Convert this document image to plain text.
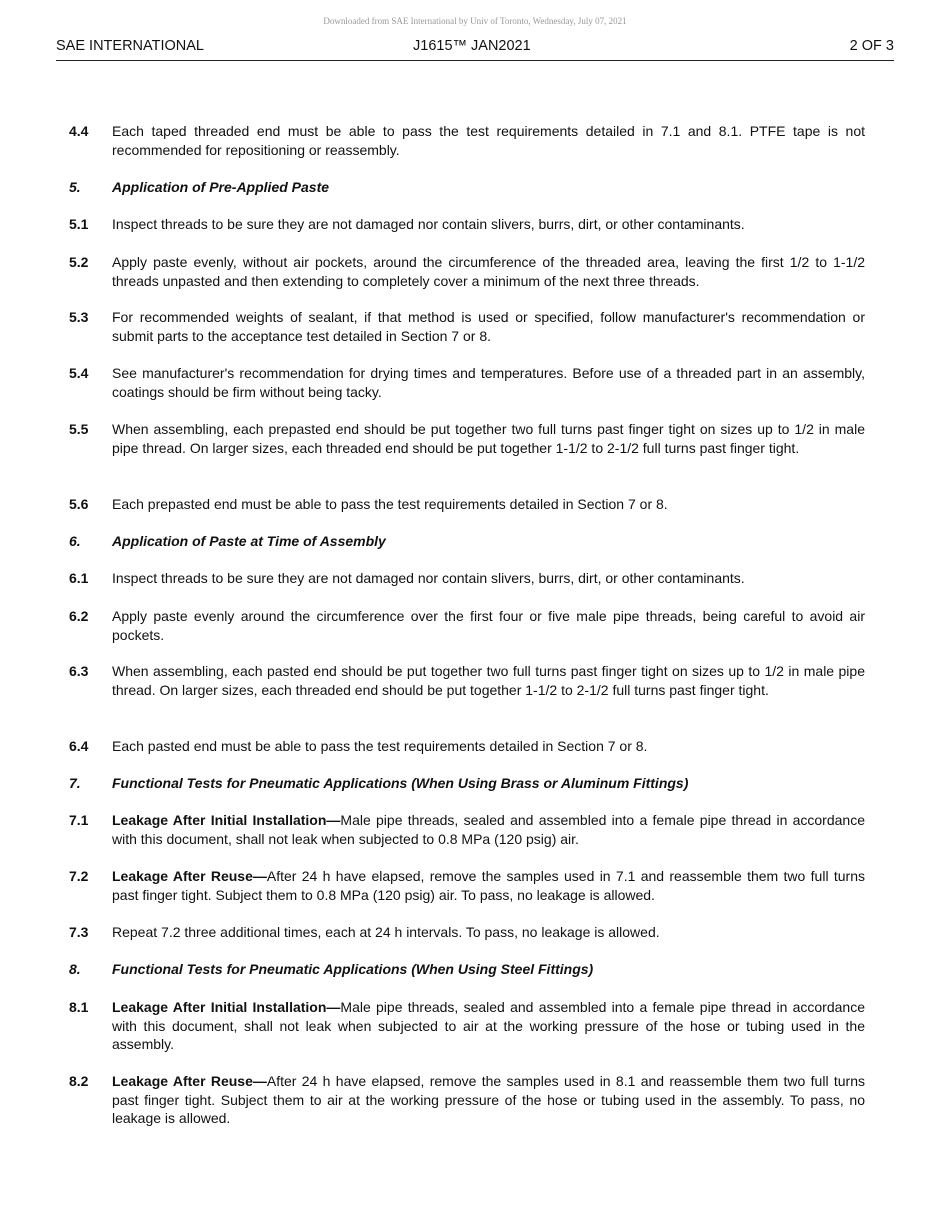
Downloaded from SAE International by Univ of Toronto, Wednesday, July 07, 2021
SAE INTERNATIONAL	J1615™ JAN2021	2 OF 3
4.4 Each taped threaded end must be able to pass the test requirements detailed in 7.1 and 8.1. PTFE tape is not recommended for repositioning or reassembly.
5. Application of Pre-Applied Paste
5.1 Inspect threads to be sure they are not damaged nor contain slivers, burrs, dirt, or other contaminants.
5.2 Apply paste evenly, without air pockets, around the circumference of the threaded area, leaving the first 1/2 to 1-1/2 threads unpasted and then extending to completely cover a minimum of the next three threads.
5.3 For recommended weights of sealant, if that method is used or specified, follow manufacturer's recommendation or submit parts to the acceptance test detailed in Section 7 or 8.
5.4 See manufacturer's recommendation for drying times and temperatures. Before use of a threaded part in an assembly, coatings should be firm without being tacky.
5.5 When assembling, each prepasted end should be put together two full turns past finger tight on sizes up to 1/2 in male pipe thread. On larger sizes, each threaded end should be put together 1-1/2 to 2-1/2 full turns past finger tight.
5.6 Each prepasted end must be able to pass the test requirements detailed in Section 7 or 8.
6. Application of Paste at Time of Assembly
6.1 Inspect threads to be sure they are not damaged nor contain slivers, burrs, dirt, or other contaminants.
6.2 Apply paste evenly around the circumference over the first four or five male pipe threads, being careful to avoid air pockets.
6.3 When assembling, each pasted end should be put together two full turns past finger tight on sizes up to 1/2 in male pipe thread. On larger sizes, each threaded end should be put together 1-1/2 to 2-1/2 full turns past finger tight.
6.4 Each pasted end must be able to pass the test requirements detailed in Section 7 or 8.
7. Functional Tests for Pneumatic Applications (When Using Brass or Aluminum Fittings)
7.1 Leakage After Initial Installation—Male pipe threads, sealed and assembled into a female pipe thread in accordance with this document, shall not leak when subjected to 0.8 MPa (120 psig) air.
7.2 Leakage After Reuse—After 24 h have elapsed, remove the samples used in 7.1 and reassemble them two full turns past finger tight. Subject them to 0.8 MPa (120 psig) air. To pass, no leakage is allowed.
7.3 Repeat 7.2 three additional times, each at 24 h intervals. To pass, no leakage is allowed.
8. Functional Tests for Pneumatic Applications (When Using Steel Fittings)
8.1 Leakage After Initial Installation—Male pipe threads, sealed and assembled into a female pipe thread in accordance with this document, shall not leak when subjected to air at the working pressure of the hose or tubing used in the assembly.
8.2 Leakage After Reuse—After 24 h have elapsed, remove the samples used in 8.1 and reassemble them two full turns past finger tight. Subject them to air at the working pressure of the hose or tubing used in the assembly. To pass, no leakage is allowed.
